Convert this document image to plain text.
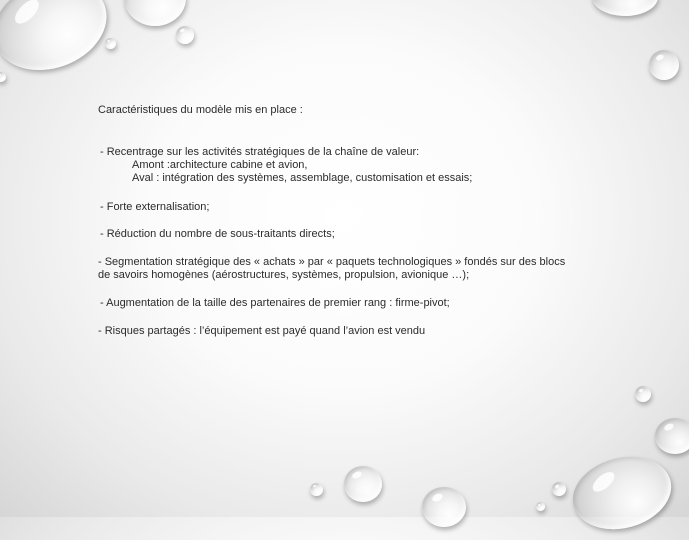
Caractéristiques du modèle mis en place :
- Recentrage sur les activités stratégiques de la chaîne de valeur:
Amont :architecture cabine et avion,
Aval : intégration des systèmes, assemblage, customisation et essais;
- Forte externalisation;
- Réduction du nombre de sous-traitants directs;
- Segmentation stratégique des « achats » par « paquets technologiques » fondés sur des blocs
de savoirs homogènes (aérostructures, systèmes, propulsion, avionique …);
- Augmentation de la taille des partenaires de premier rang : firme-pivot;
- Risques partagés : l’équipement est payé quand l’avion est vendu
